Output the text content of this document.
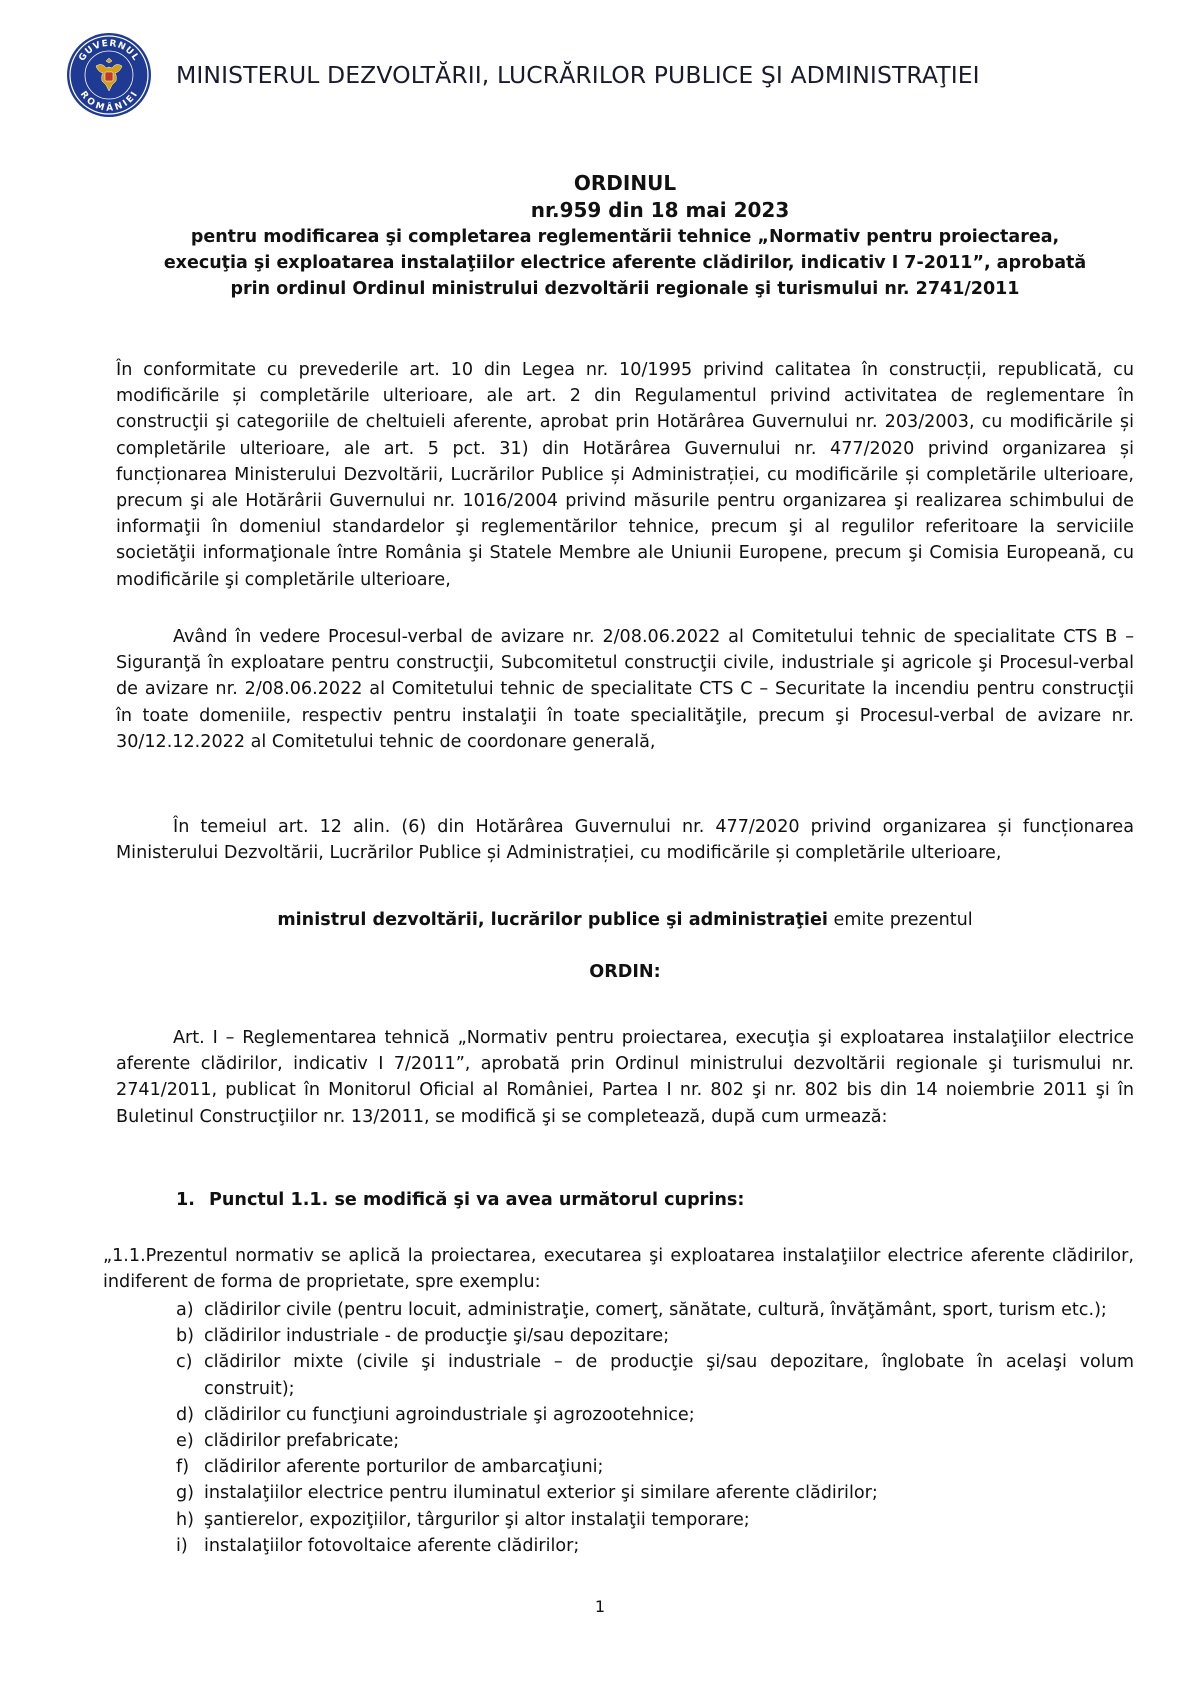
GUVERNUL
ROMÂNIEI
MINISTERUL DEZVOLTĂRII, LUCRĂRILOR PUBLICE ŞI ADMINISTRAŢIEI
ORDINUL
nr.959 din 18 mai 2023
pentru modificarea şi completarea reglementării tehnice „Normativ pentru proiectarea,
execuţia şi exploatarea instalaţiilor electrice aferente clădirilor, indicativ I 7-2011”, aprobată
prin ordinul Ordinul ministrului dezvoltării regionale şi turismului nr. 2741/2011
În conformitate cu prevederile art. 10 din Legea nr. 10/1995 privind calitatea în construcții, republicată, cu modificările și completările ulterioare, ale art. 2 din Regulamentul privind activitatea de reglementare în construcţii şi categoriile de cheltuieli aferente, aprobat prin Hotărârea Guvernului nr. 203/2003, cu modificările și completările ulterioare, ale art. 5 pct. 31) din Hotărârea Guvernului nr. 477/2020 privind organizarea și funcționarea Ministerului Dezvoltării, Lucrărilor Publice și Administrației, cu modificările și completările ulterioare, precum şi ale Hotărârii Guvernului nr. 1016/2004 privind măsurile pentru organizarea şi realizarea schimbului de informaţii în domeniul standardelor şi reglementărilor tehnice, precum şi al regulilor referitoare la serviciile societăţii informaţionale între România şi Statele Membre ale Uniunii Europene, precum şi Comisia Europeană, cu modificările şi completările ulterioare,
Având în vedere Procesul-verbal de avizare nr. 2/08.06.2022 al Comitetului tehnic de specialitate CTS B – Siguranţă în exploatare pentru construcţii, Subcomitetul construcţii civile, industriale şi agricole şi Procesul-verbal de avizare nr. 2/08.06.2022 al Comitetului tehnic de specialitate CTS C – Securitate la incendiu pentru construcţii în toate domeniile, respectiv pentru instalaţii în toate specialităţile, precum şi Procesul-verbal de avizare nr. 30/12.12.2022 al Comitetului tehnic de coordonare generală,
În temeiul art. 12 alin. (6) din Hotărârea Guvernului nr. 477/2020 privind organizarea și funcționarea Ministerului Dezvoltării, Lucrărilor Publice și Administrației, cu modificările și completările ulterioare,
ministrul dezvoltării, lucrărilor publice şi administraţiei emite prezentul
ORDIN:
Art. I – Reglementarea tehnică „Normativ pentru proiectarea, execuţia şi exploatarea instalaţiilor electrice aferente clădirilor, indicativ I 7/2011”, aprobată prin Ordinul ministrului dezvoltării regionale şi turismului nr. 2741/2011, publicat în Monitorul Oficial al României, Partea I nr. 802 şi nr. 802 bis din 14 noiembrie 2011 şi în Buletinul Construcţiilor nr. 13/2011, se modifică şi se completează, după cum urmează:
1. Punctul 1.1. se modifică şi va avea următorul cuprins:
„1.1.Prezentul normativ se aplică la proiectarea, executarea şi exploatarea instalaţiilor electrice aferente clădirilor, indiferent de forma de proprietate, spre exemplu:
a) clădirilor civile (pentru locuit, administraţie, comerţ, sănătate, cultură, învăţământ, sport, turism etc.);
b) clădirilor industriale - de producţie şi/sau depozitare;
c) clădirilor mixte (civile şi industriale – de producţie şi/sau depozitare, înglobate în acelaşi volum construit);
d) clădirilor cu funcţiuni agroindustriale şi agrozootehnice;
e) clădirilor prefabricate;
f) clădirilor aferente porturilor de ambarcaţiuni;
g) instalaţiilor electrice pentru iluminatul exterior şi similare aferente clădirilor;
h) şantierelor, expoziţiilor, târgurilor şi altor instalaţii temporare;
i) instalaţiilor fotovoltaice aferente clădirilor;
1
